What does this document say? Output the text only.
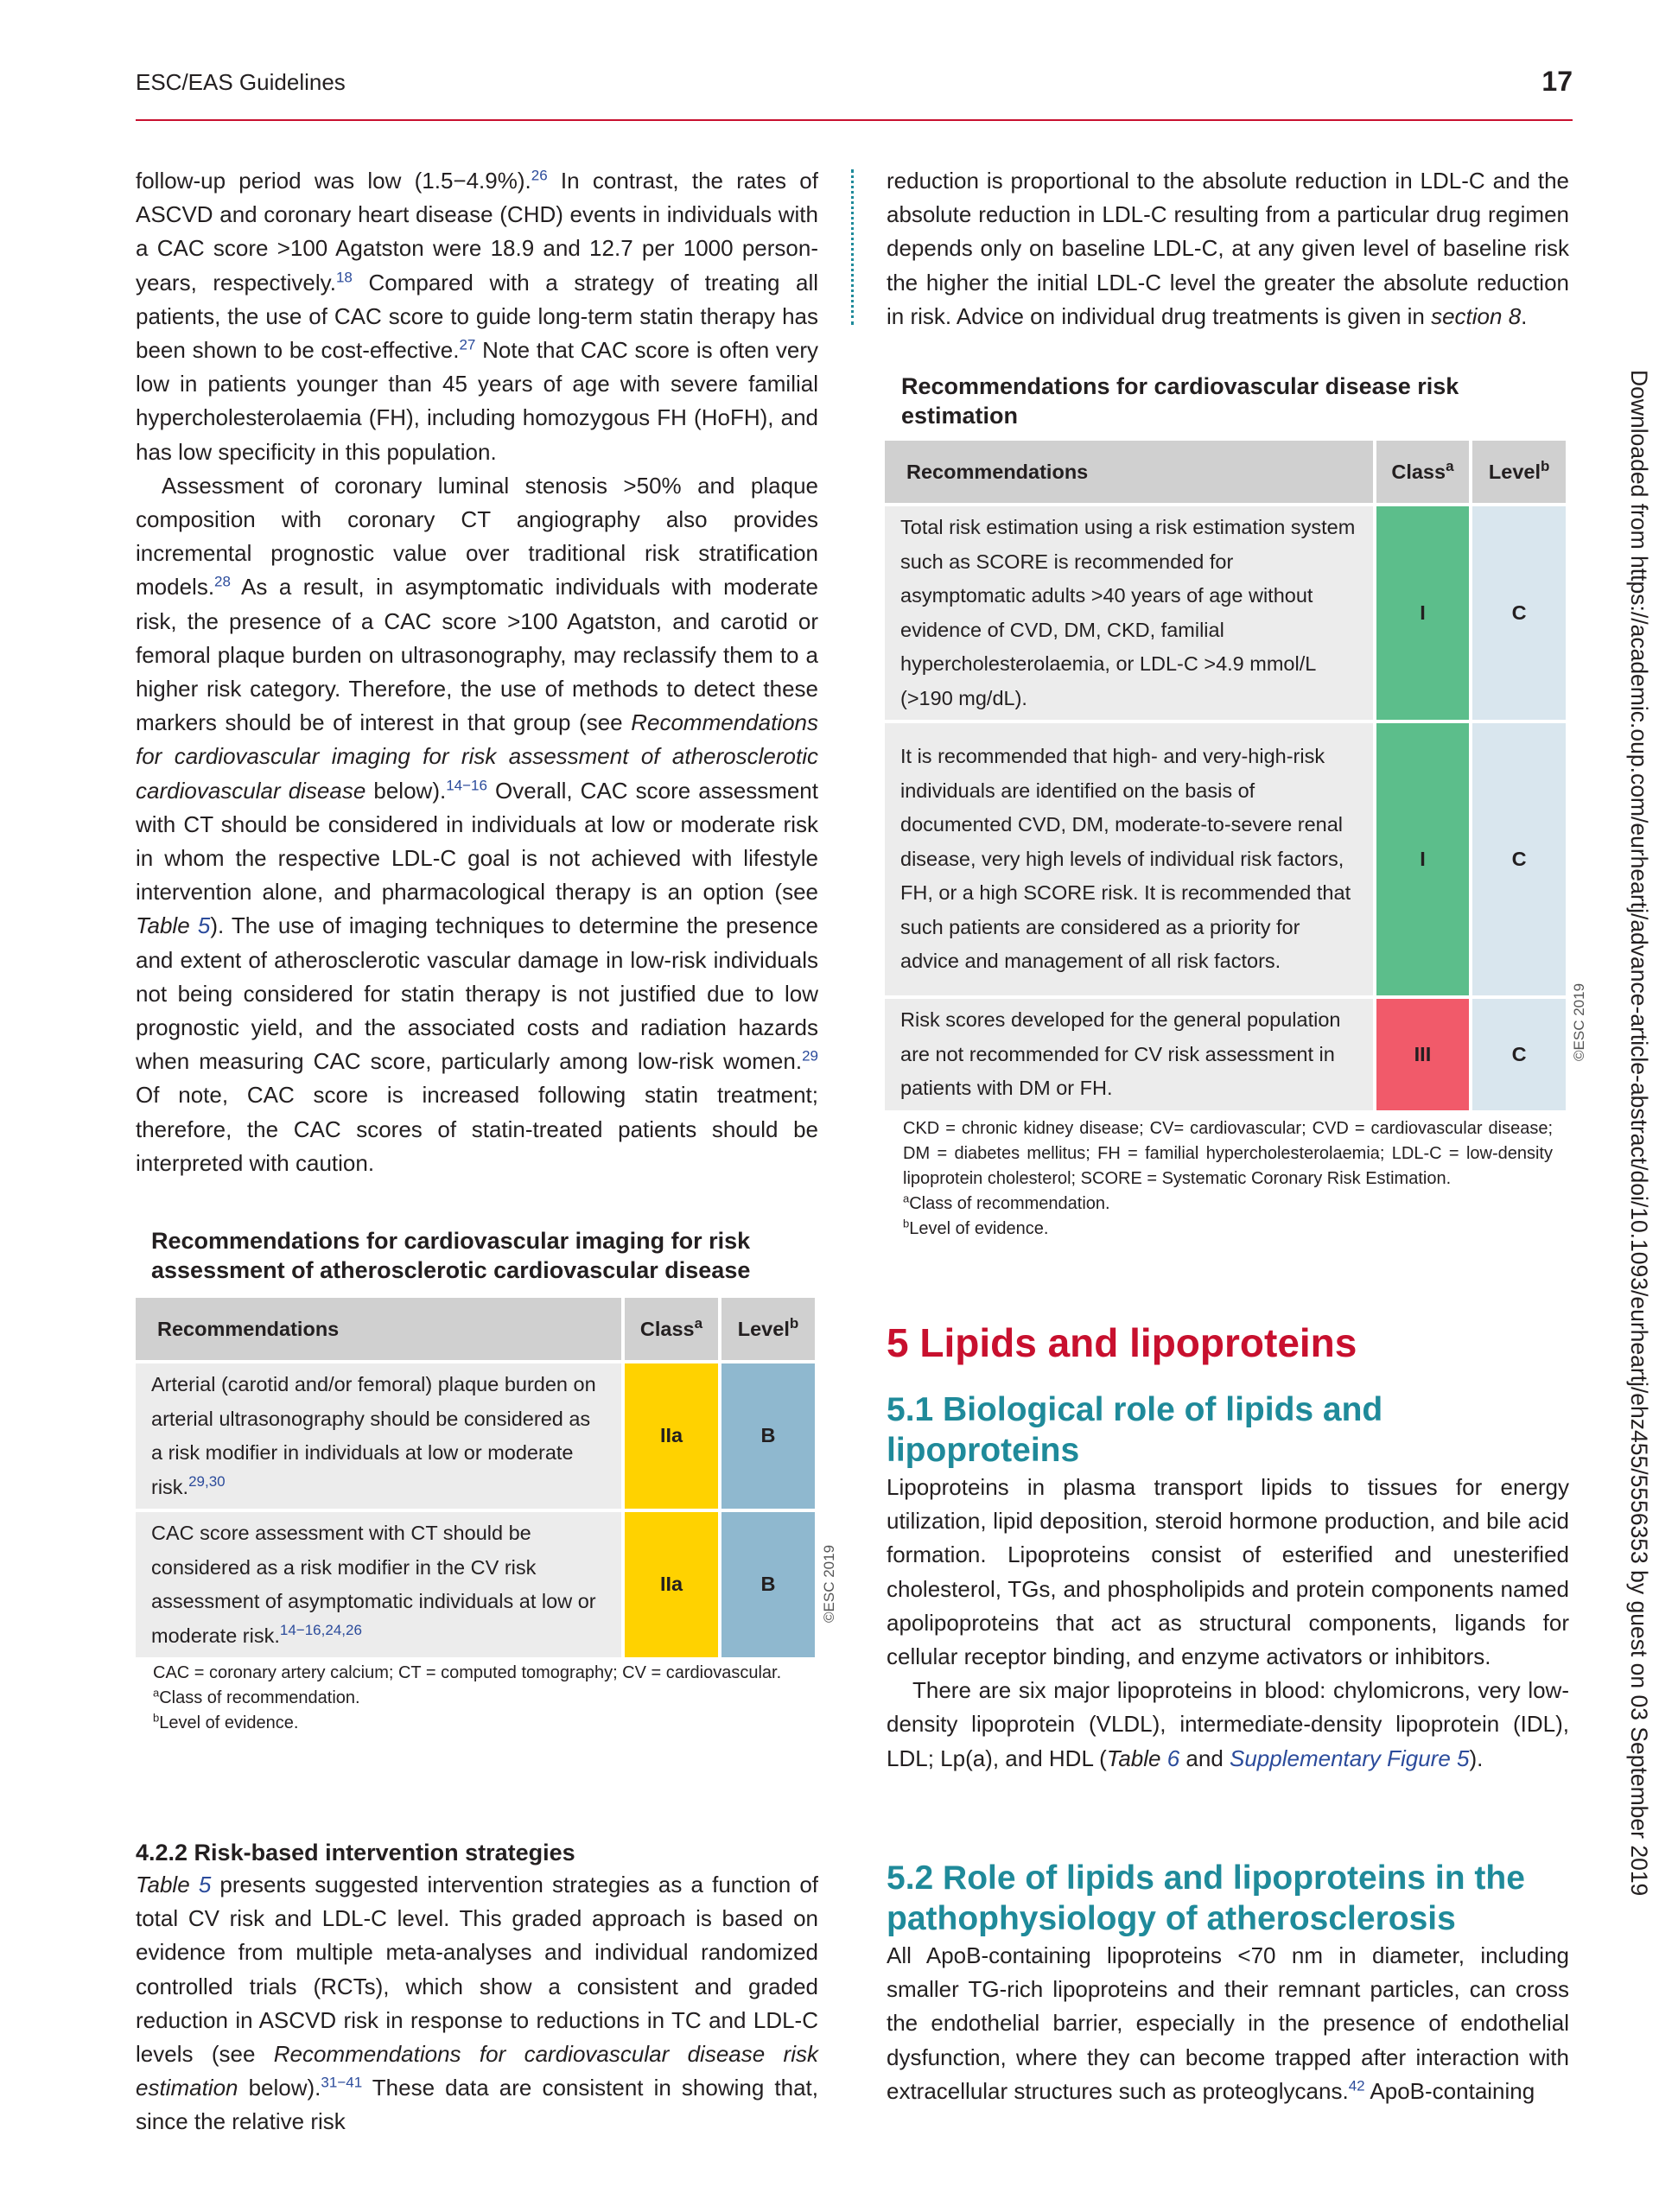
ESC/EAS Guidelines	17

follow-up period was low (1.5−4.9%).$^{26}$ In contrast, the rates of ASCVD and coronary heart disease (CHD) events in individuals with a CAC score >100 Agatston were 18.9 and 12.7 per 1000 person-years, respectively.$^{18}$ Compared with a strategy of treating all patients, the use of CAC score to guide long-term statin therapy has been shown to be cost-effective.$^{27}$ Note that CAC score is often very low in patients younger than 45 years of age with severe familial hypercholesterolaemia (FH), including homozygous FH (HoFH), and has low specificity in this population.

Assessment of coronary luminal stenosis >50% and plaque composition with coronary CT angiography also provides incremental prognostic value over traditional risk stratification models.$^{28}$ As a result, in asymptomatic individuals with moderate risk, the presence of a CAC score >100 Agatston, and carotid or femoral plaque burden on ultrasonography, may reclassify them to a higher risk category. Therefore, the use of methods to detect these markers should be of interest in that group (see Recommendations for cardiovascular imaging for risk assessment of atherosclerotic cardiovascular disease below).$^{14-16}$ Overall, CAC score assessment with CT should be considered in individuals at low or moderate risk in whom the respective LDL-C goal is not achieved with lifestyle intervention alone, and pharmacological therapy is an option (see Table 5). The use of imaging techniques to determine the presence and extent of atherosclerotic vascular damage in low-risk individuals not being considered for statin therapy is not justified due to low prognostic yield, and the associated costs and radiation hazards when measuring CAC score, particularly among low-risk women.$^{29}$ Of note, CAC score is increased following statin treatment; therefore, the CAC scores of statin-treated patients should be interpreted with caution.

Recommendations for cardiovascular imaging for risk assessment of atherosclerotic cardiovascular disease
Recommendations	Class$^a$	Level$^b$
Arterial (carotid and/or femoral) plaque burden on arterial ultrasonography should be considered as a risk modifier in individuals at low or moderate risk.$^{29,30}$	IIa	B
CAC score assessment with CT should be considered as a risk modifier in the CV risk assessment of asymptomatic individuals at low or moderate risk.$^{14-16,24,26}$	IIa	B	©ESC 2019

CAC = coronary artery calcium; CT = computed tomography; CV = cardiovascular.

$^a$Class of recommendation.

$^b$Level of evidence.

4.2.2 Risk-based intervention strategies

Table 5 presents suggested intervention strategies as a function of total CV risk and LDL-C level. This graded approach is based on evidence from multiple meta-analyses and individual randomized controlled trials (RCTs), which show a consistent and graded reduction in ASCVD risk in response to reductions in TC and LDL-C levels (see Recommendations for cardiovascular disease risk estimation below).$^{31-41}$ These data are consistent in showing that, since the relative risk

reduction is proportional to the absolute reduction in LDL-C and the absolute reduction in LDL-C resulting from a particular drug regimen depends only on baseline LDL-C, at any given level of baseline risk the higher the initial LDL-C level the greater the absolute reduction in risk. Advice on individual drug treatments is given in section 8.

Recommendations for cardiovascular disease risk estimation
Recommendations	Class$^a$	Level$^b$
Total risk estimation using a risk estimation system such as SCORE is recommended for asymptomatic adults >40 years of age without evidence of CVD, DM, CKD, familial hypercholesterolaemia, or LDL-C >4.9 mmol/L (>190 mg/dL).	I	C
It is recommended that high- and very-high-risk individuals are identified on the basis of documented CVD, DM, moderate-to-severe renal disease, very high levels of individual risk factors, FH, or a high SCORE risk. It is recommended that such patients are considered as a priority for advice and management of all risk factors.	I	C
Risk scores developed for the general population are not recommended for CV risk assessment in patients with DM or FH.	III	C	©ESC 2019

CKD = chronic kidney disease; CV= cardiovascular; CVD = cardiovascular disease; DM = diabetes mellitus; FH = familial hypercholesterolaemia; LDL-C = low-density lipoprotein cholesterol; SCORE = Systematic Coronary Risk Estimation.

$^a$Class of recommendation.

$^b$Level of evidence.

5 Lipids and lipoproteins
5.1 Biological role of lipids and lipoproteins

Lipoproteins in plasma transport lipids to tissues for energy utilization, lipid deposition, steroid hormone production, and bile acid formation. Lipoproteins consist of esterified and unesterified cholesterol, TGs, and phospholipids and protein components named apolipoproteins that act as structural components, ligands for cellular receptor binding, and enzyme activators or inhibitors.

There are six major lipoproteins in blood: chylomicrons, very low-density lipoprotein (VLDL), intermediate-density lipoprotein (IDL), LDL; Lp(a), and HDL (Table 6 and Supplementary Figure 5).

5.2 Role of lipids and lipoproteins in the pathophysiology of atherosclerosis

All ApoB-containing lipoproteins <70 nm in diameter, including smaller TG-rich lipoproteins and their remnant particles, can cross the endothelial barrier, especially in the presence of endothelial dysfunction, where they can become trapped after interaction with extracellular structures such as proteoglycans.$^{42}$ ApoB-containing

Downloaded from https://academic.oup.com/eurheartj/advance-article-abstract/doi/10.1093/eurheartj/ehz455/5556353 by guest on 03 September 2019
